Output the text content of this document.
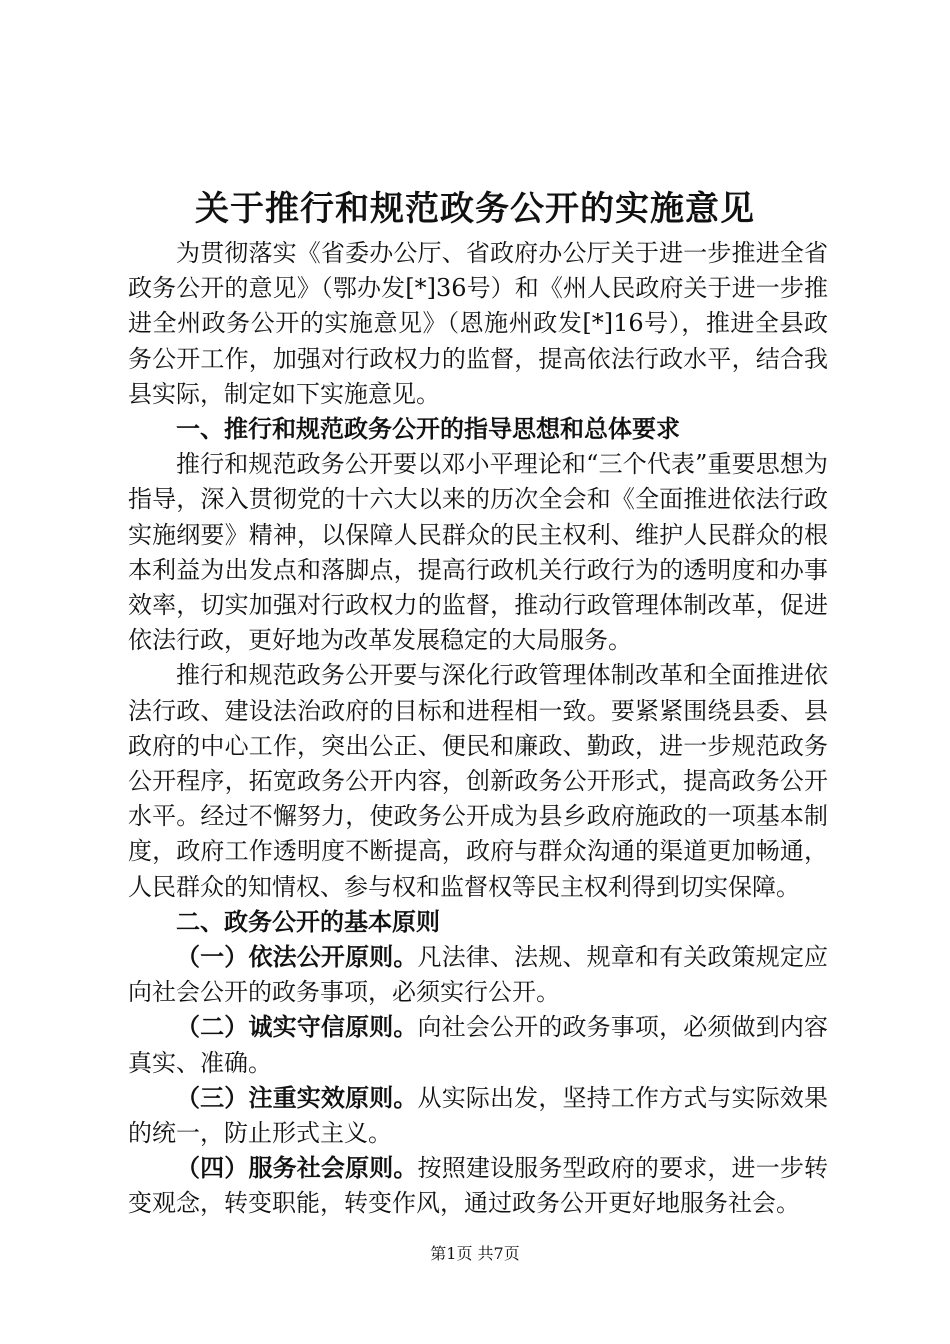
关于推行和规范政务公开的实施意见

为贯彻落实《省委办公厅、省政府办公厅关于进一步推进全省政务公开的意见》（鄂办发[*]36号）和《州人民政府关于进一步推进全州政务公开的实施意见》（恩施州政发[*]16号），推进全县政务公开工作，加强对行政权力的监督，提高依法行政水平，结合我县实际，制定如下实施意见。

一、推行和规范政务公开的指导思想和总体要求

推行和规范政务公开要以邓小平理论和“三个代表”重要思想为指导，深入贯彻党的十六大以来的历次全会和《全面推进依法行政实施纲要》精神，以保障人民群众的民主权利、维护人民群众的根本利益为出发点和落脚点，提高行政机关行政行为的透明度和办事效率，切实加强对行政权力的监督，推动行政管理体制改革，促进依法行政，更好地为改革发展稳定的大局服务。

推行和规范政务公开要与深化行政管理体制改革和全面推进依法行政、建设法治政府的目标和进程相一致。要紧紧围绕县委、县政府的中心工作，突出公正、便民和廉政、勤政，进一步规范政务公开程序，拓宽政务公开内容，创新政务公开形式，提高政务公开水平。经过不懈努力，使政务公开成为县乡政府施政的一项基本制度，政府工作透明度不断提高，政府与群众沟通的渠道更加畅通，人民群众的知情权、参与权和监督权等民主权利得到切实保障。

二、政务公开的基本原则

（一）依法公开原则。凡法律、法规、规章和有关政策规定应向社会公开的政务事项，必须实行公开。

（二）诚实守信原则。向社会公开的政务事项，必须做到内容真实、准确。

（三）注重实效原则。从实际出发，坚持工作方式与实际效果的统一，防止形式主义。

（四）服务社会原则。按照建设服务型政府的要求，进一步转变观念，转变职能，转变作风，通过政务公开更好地服务社会。

第1页 共7页
